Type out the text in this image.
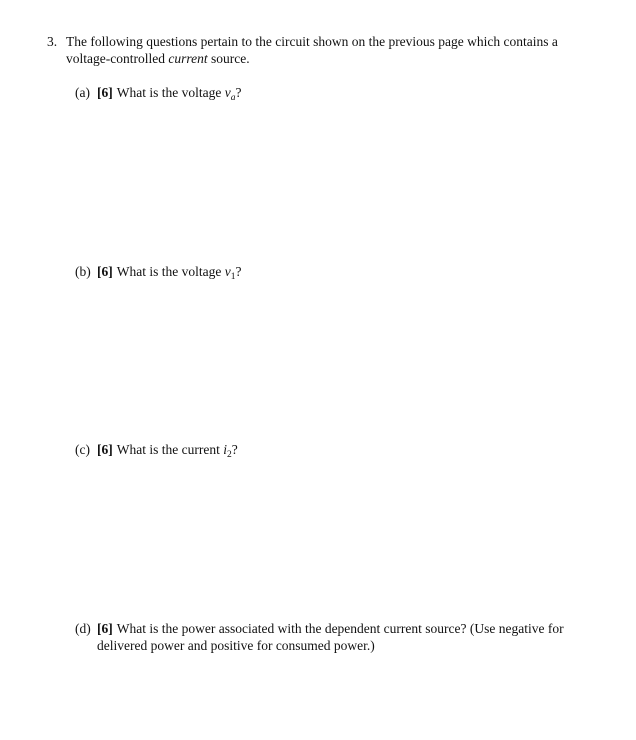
3. The following questions pertain to the circuit shown on the previous page which contains a
voltage-controlled current source.
(a) [6] What is the voltage $v_a$?
(b) [6] What is the voltage $v_1$?
(c) [6] What is the current $i_2$?
(d) [6] What is the power associated with the dependent current source? (Use negative for
delivered power and positive for consumed power.)
